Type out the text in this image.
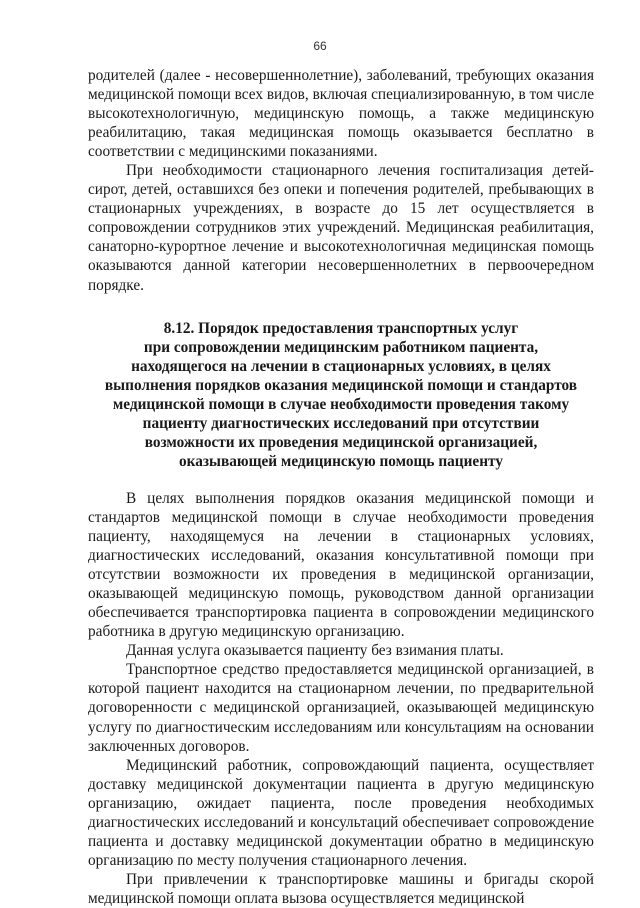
66

родителей (далее - несовершеннолетние), заболеваний, требующих оказания медицинской помощи всех видов, включая специализированную, в том числе высокотехнологичную, медицинскую помощь, а также медицинскую реабилитацию, такая медицинская помощь оказывается бесплатно в соответствии с медицинскими показаниями.

При необходимости стационарного лечения госпитализация детей-сирот, детей, оставшихся без опеки и попечения родителей, пребывающих в стационарных учреждениях, в возрасте до 15 лет осуществляется в сопровождении сотрудников этих учреждений. Медицинская реабилитация, санаторно-курортное лечение и высокотехнологичная медицинская помощь оказываются данной категории несовершеннолетних в первоочередном порядке.

8.12. Порядок предоставления транспортных услуг
при сопровождении медицинским работником пациента,
находящегося на лечении в стационарных условиях, в целях
выполнения порядков оказания медицинской помощи и стандартов
медицинской помощи в случае необходимости проведения такому
пациенту диагностических исследований при отсутствии
возможности их проведения медицинской организацией,
оказывающей медицинскую помощь пациенту

В целях выполнения порядков оказания медицинской помощи и стандартов медицинской помощи в случае необходимости проведения пациенту, находящемуся на лечении в стационарных условиях, диагностических исследований, оказания консультативной помощи при отсутствии возможности их проведения в медицинской организации, оказывающей медицинскую помощь, руководством данной организации обеспечивается транспортировка пациента в сопровождении медицинского работника в другую медицинскую организацию.

Данная услуга оказывается пациенту без взимания платы.

Транспортное средство предоставляется медицинской организацией, в которой пациент находится на стационарном лечении, по предварительной договоренности с медицинской организацией, оказывающей медицинскую услугу по диагностическим исследованиям или консультациям на основании заключенных договоров.

Медицинский работник, сопровождающий пациента, осуществляет доставку медицинской документации пациента в другую медицинскую организацию, ожидает пациента, после проведения необходимых диагностических исследований и консультаций обеспечивает сопровождение пациента и доставку медицинской документации обратно в медицинскую организацию по месту получения стационарного лечения.

При привлечении к транспортировке машины и бригады скорой медицинской помощи оплата вызова осуществляется медицинской
